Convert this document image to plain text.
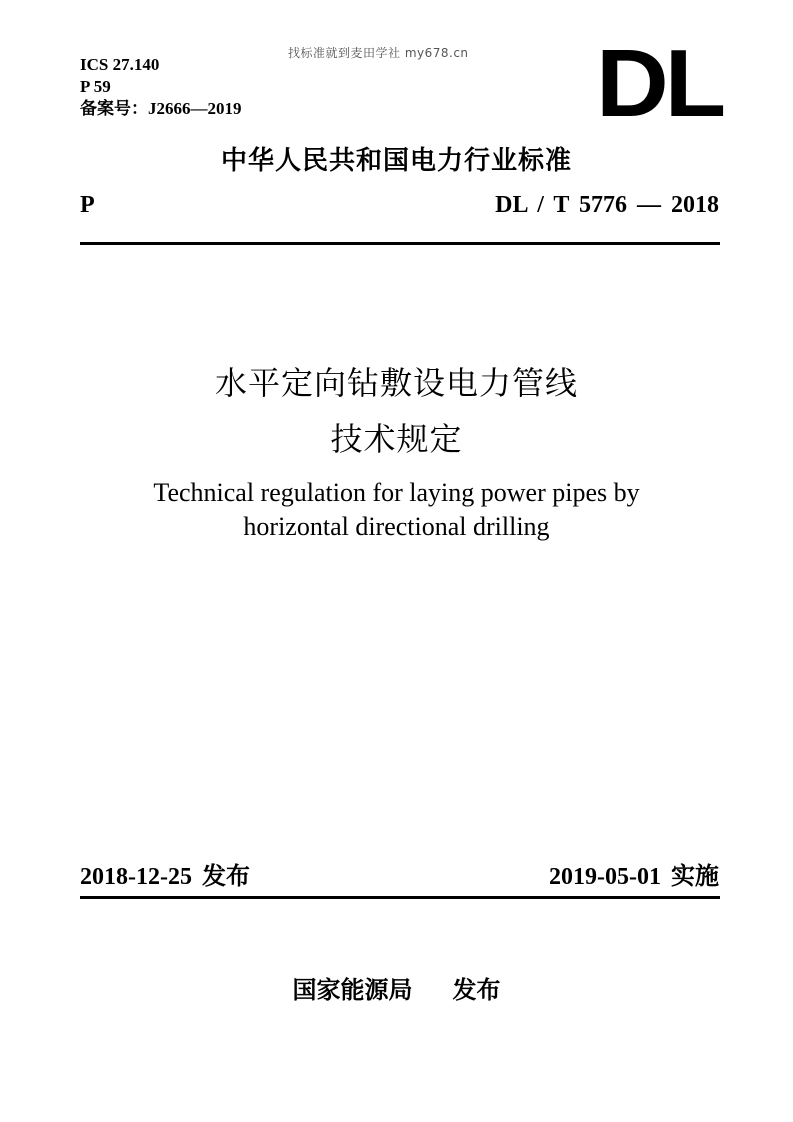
ICS 27.140
P 59
备案号：J2666—2019
找标准就到麦田学社 my678.cn DL
中华人民共和国电力行业标准
P	DL / T 5776 — 2018
水平定向钻敷设电力管线
技术规定
Technical regulation for laying power pipes by
horizontal directional drilling
2018-12-25 发布	2019-05-01 实施
国家能源局 发布
